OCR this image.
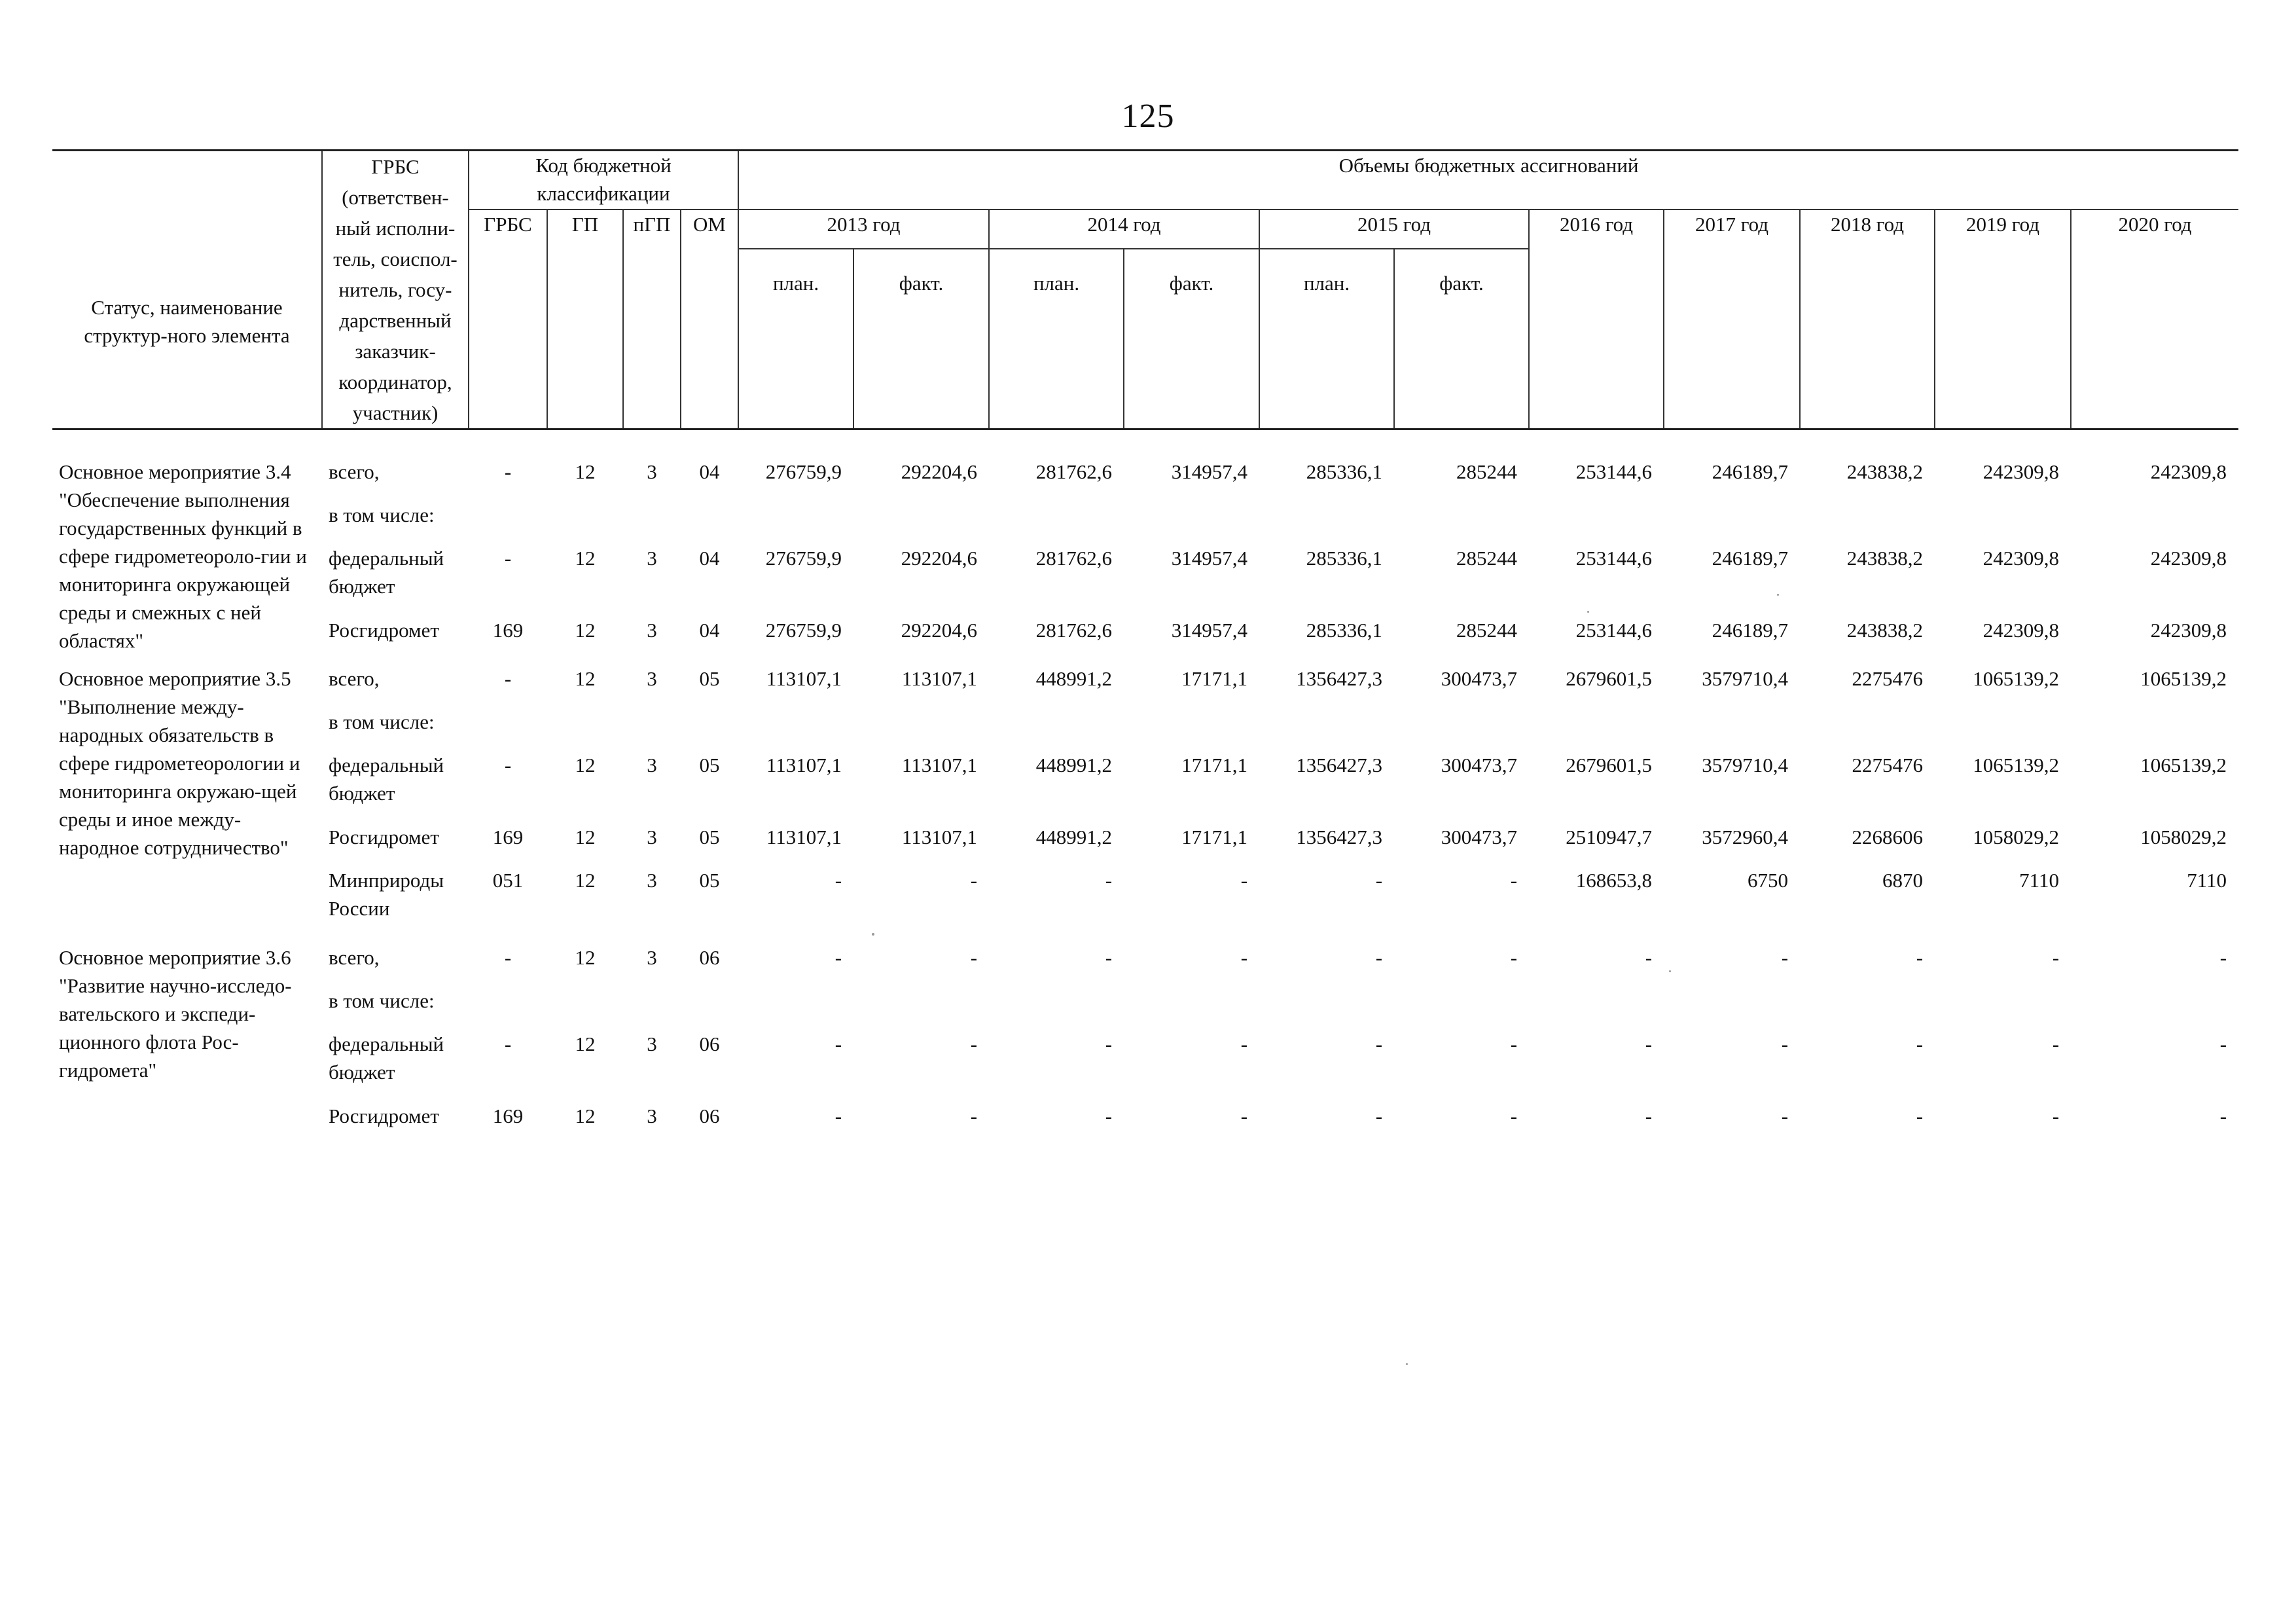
125
Статус, наименование структур-ного элемента	ГРБС (ответствен-ный исполни-тель, соиспол-нитель, госу-дарственный заказчик-координатор, участник)	Код бюджетной классификации				Объемы бюджетных ассигнований										
		ГРБС	ГП	пГП	ОМ	2013 год		2014 год		2015 год		2016 год	2017 год	2018 год	2019 год	2020 год
						план.	факт.	план.	факт.	план.	факт.					

Основное мероприятие 3.4 "Обеспечение выполнения государственных функций в сфере гидрометеороло-гии и мониторинга окружающей среды и смежных с ней областях"	всего,	-	12	3	04	276759,9	292204,6	281762,6	314957,4	285336,1	285244	253144,6	246189,7	243838,2	242309,8	242309,8
	в том числе:															
	федеральный бюджет	-	12	3	04	276759,9	292204,6	281762,6	314957,4	285336,1	285244	253144,6	246189,7	243838,2	242309,8	242309,8
	Росгидромет	169	12	3	04	276759,9	292204,6	281762,6	314957,4	285336,1	285244	253144,6	246189,7	243838,2	242309,8	242309,8

Основное мероприятие 3.5 "Выполнение между-народных обязательств в сфере гидрометеорологии и мониторинга окружаю-щей среды и иное между-народное сотрудничество"	всего,	-	12	3	05	113107,1	113107,1	448991,2	17171,1	1356427,3	300473,7	2679601,5	3579710,4	2275476	1065139,2	1065139,2
	в том числе:															
	федеральный бюджет	-	12	3	05	113107,1	113107,1	448991,2	17171,1	1356427,3	300473,7	2679601,5	3579710,4	2275476	1065139,2	1065139,2
	Росгидромет	169	12	3	05	113107,1	113107,1	448991,2	17171,1	1356427,3	300473,7	2510947,7	3572960,4	2268606	1058029,2	1058029,2
	Минприроды России	051	12	3	05	-	-	-	-	-	-	168653,8	6750	6870	7110	7110

Основное мероприятие 3.6 "Развитие научно-исследо-вательского и экспеди-ционного флота Рос-гидромета"	всего,	-	12	3	06	-	-	-	-	-	-	-	-	-	-	-
	в том числе:															
	федеральный бюджет	-	12	3	06	-	-	-	-	-	-	-	-	-	-	-
	Росгидромет	169	12	3	06	-	-	-	-	-	-	-	-	-	-	-
